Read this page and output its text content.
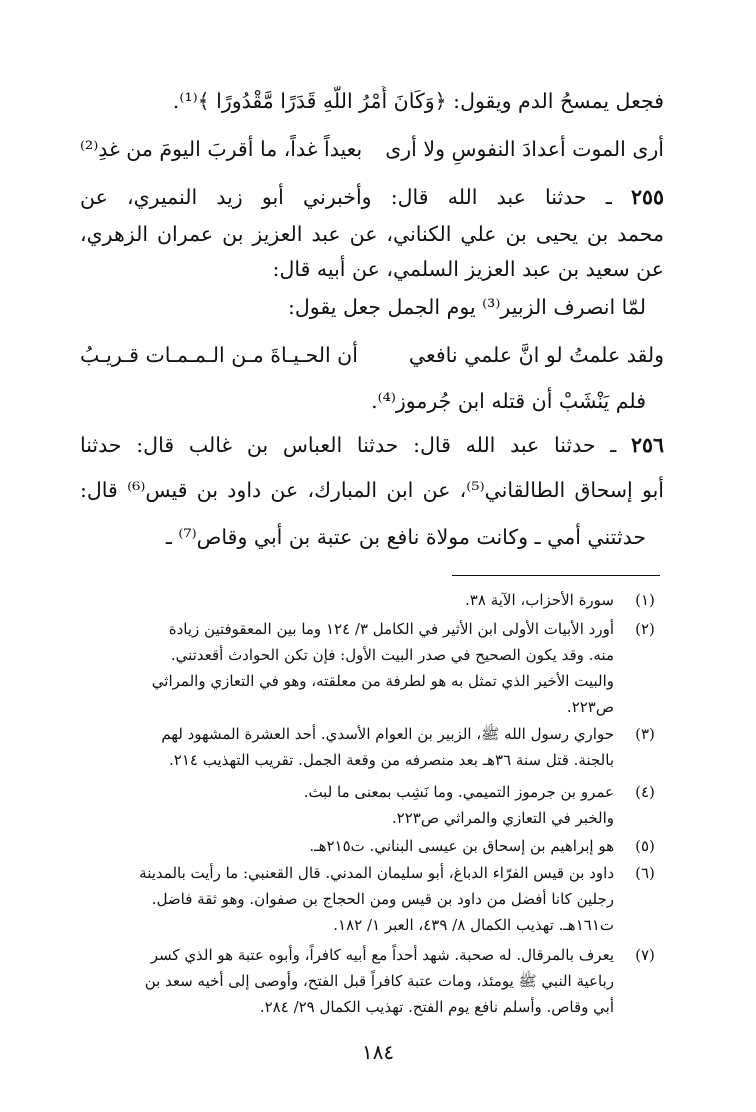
فجعل يمسحُ الدم ويقول: ﴿وَكَانَ أَمْرُ اللَّهِ قَدَرًا مَّقْدُورًا ﴾⁽¹⁾.
أرى الموت أعدادَ النفوسِ ولا أرى
بعيداً غداً، ما أقربَ اليومَ من غدِ⁽²⁾
٢٥٥ ـ حدثنا عبد الله قال: وأخبرني أبو زيد النميري، عن
محمد بن يحيى بن علي الكناني، عن عبد العزيز بن عمران الزهري،
عن سعيد بن عبد العزيز السلمي، عن أبيه قال:
لمّا انصرف الزبير⁽³⁾ يوم الجمل جعل يقول:
ولقد علمتُ لو انَّ علمي نافعي
أن الحـيـاةَ مـن الـمـمـات قـريـبُ
فلم يَنْشَبْ أن قتله ابن جُرموز⁽⁴⁾.
٢٥٦ ـ حدثنا عبد الله قال: حدثنا العباس بن غالب قال: حدثنا
أبو إسحاق الطالقاني⁽⁵⁾، عن ابن المبارك، عن داود بن قيس⁽⁶⁾ قال:
حدثتني أمي ـ وكانت مولاة نافع بن عتبة بن أبي وقاص⁽⁷⁾ ـ
(١)
سورة الأحزاب، الآية ٣٨.
(٢)
أورد الأبيات الأولى ابن الأثير في الكامل ٣/ ١٢٤ وما بين المعقوفتين زيادة
منه. وقد يكون الصحيح في صدر البيت الأول: فإن تكن الحوادث أقعدتني.
والبيت الأخير الذي تمثل به هو لطرفة من معلقته، وهو في التعازي والمراثي
ص٢٢٣.
(٣)
حواري رسول الله ﷺ، الزبير بن العوام الأسدي. أحد العشرة المشهود لهم
بالجنة. قتل سنة ٣٦هـ بعد منصرفه من وقعة الجمل. تقريب التهذيب ٢١٤.
(٤)
عمرو بن جرموز التميمي. وما نَشِب بمعنى ما لبث.
والخبر في التعازي والمراثي ص٢٢٣.
(٥)
هو إبراهيم بن إسحاق بن عيسى البناني. ت٢١٥هـ.
(٦)
داود بن قيس الفرّاء الدباغ، أبو سليمان المدني. قال القعنبي: ما رأيت بالمدينة
رجلين كانا أفضل من داود بن قيس ومن الحجاج بن صفوان. وهو ثقة فاضل.
ت١٦١هـ. تهذيب الكمال ٨/ ٤٣٩، العبر ١/ ١٨٢.
(٧)
يعرف بالمرقال. له صحبة. شهد أحداً مع أبيه كافراً، وأبوه عتبة هو الذي كسر
رباعية النبي ﷺ يومئذ، ومات عتبة كافراً قبل الفتح، وأوصى إلى أخيه سعد بن
أبي وقاص. وأسلم نافع يوم الفتح. تهذيب الكمال ٢٩/ ٢٨٤.
١٨٤
